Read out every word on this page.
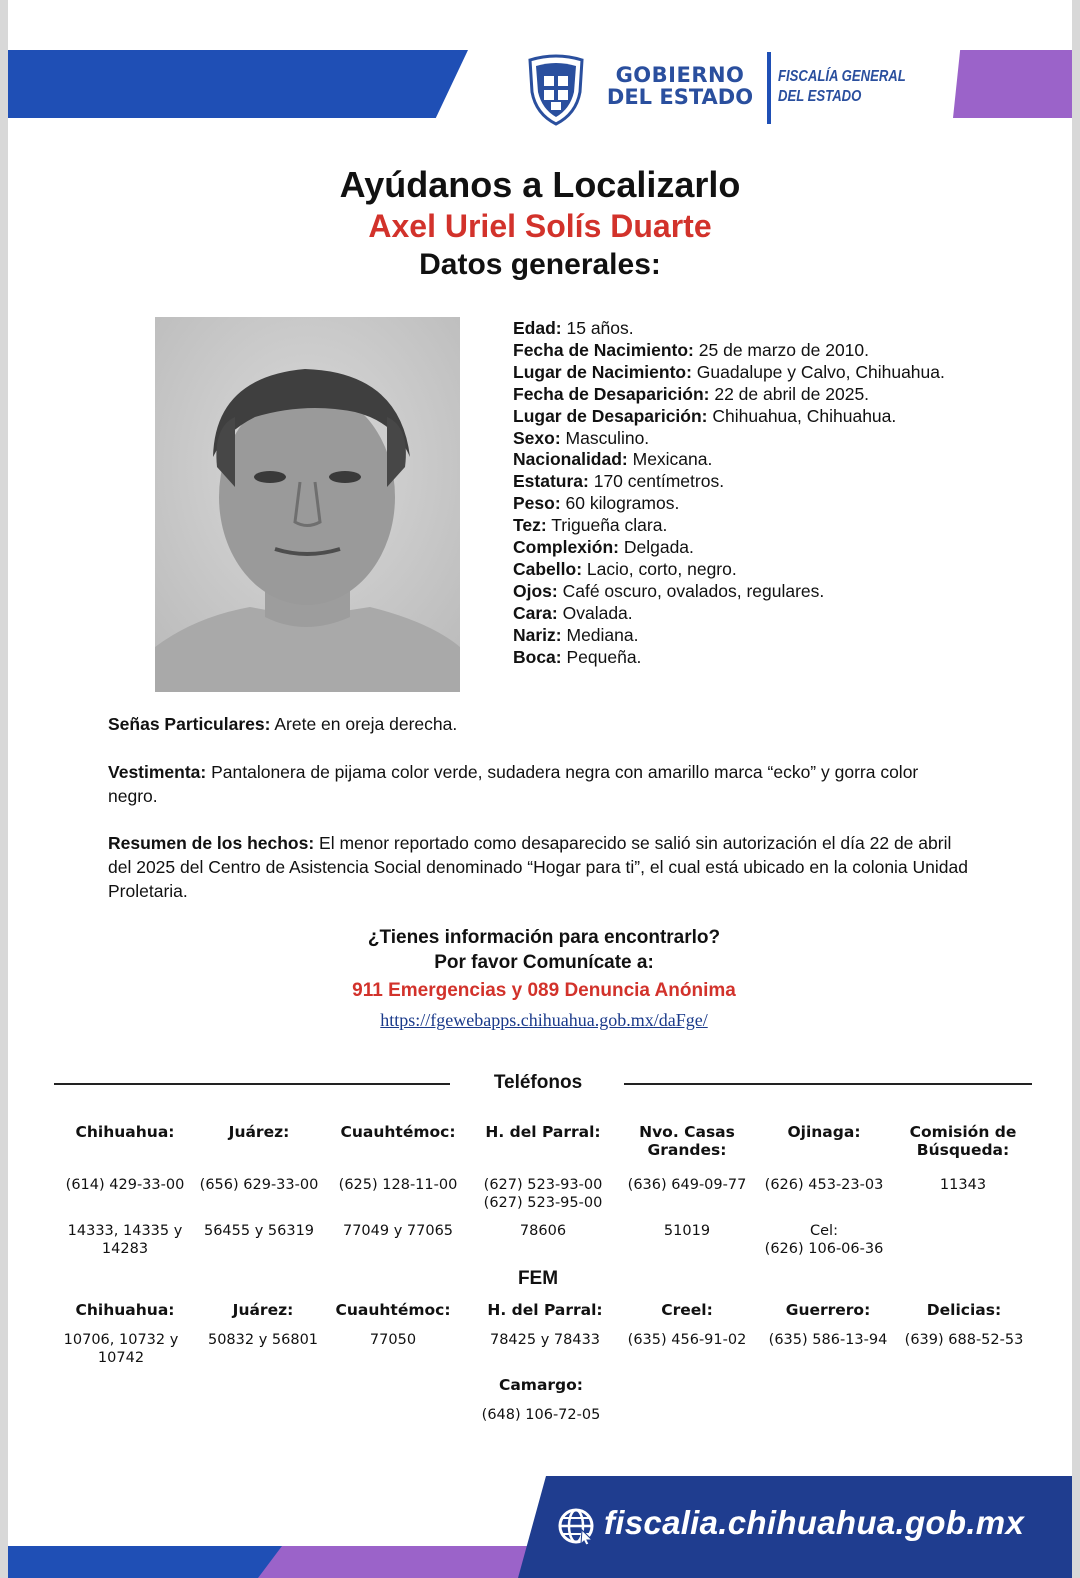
GOBIERNO
DEL ESTADO
FISCALÍA GENERAL
DEL ESTADO
Ayúdanos a Localizarlo
Axel Uriel Solís Duarte
Datos generales:
Edad: 15 años.
Fecha de Nacimiento: 25 de marzo de 2010.
Lugar de Nacimiento: Guadalupe y Calvo, Chihuahua.
Fecha de Desaparición: 22 de abril de 2025.
Lugar de Desaparición: Chihuahua, Chihuahua.
Sexo: Masculino.
Nacionalidad: Mexicana.
Estatura: 170 centímetros.
Peso: 60 kilogramos.
Tez: Trigueña clara.
Complexión: Delgada.
Cabello: Lacio, corto, negro.
Ojos: Café oscuro, ovalados, regulares.
Cara: Ovalada.
Nariz: Mediana.
Boca: Pequeña.
Señas Particulares: Arete en oreja derecha.
Vestimenta: Pantalonera de pijama color verde, sudadera negra con amarillo marca “ecko” y gorra color negro.
Resumen de los hechos: El menor reportado como desaparecido se salió sin autorización el día 22 de abril del 2025 del Centro de Asistencia Social denominado “Hogar para ti”, el cual está ubicado en la colonia Unidad Proletaria.
¿Tienes información para encontrarlo?
Por favor Comunícate a:
911 Emergencias y 089 Denuncia Anónima
https://fgewebapps.chihuahua.gob.mx/daFge/
Teléfonos
Chihuahua:	Juárez:	Cuauhtémoc:	H. del Parral:	Nvo. Casas
Grandes:
Ojinaga:	Comisión de
Búsqueda:
(614) 429-33-00	(656) 629-33-00	(625) 128-11-00	(627) 523-93-00
(627) 523-95-00
(636) 649-09-77	(626) 453-23-03	11343
14333, 14335 y
14283
56455 y 56319	77049 y 77065	78606	51019	Cel:
(626) 106-06-36
FEM
Chihuahua:	Juárez:	Cuauhtémoc:	H. del Parral:	Creel:	Guerrero:	Delicias:
10706, 10732 y
10742
50832 y 56801	77050	78425 y 78433	(635) 456-91-02	(635) 586-13-94	(639) 688-52-53
Camargo:
(648) 106-72-05
fiscalia.chihuahua.gob.mx
